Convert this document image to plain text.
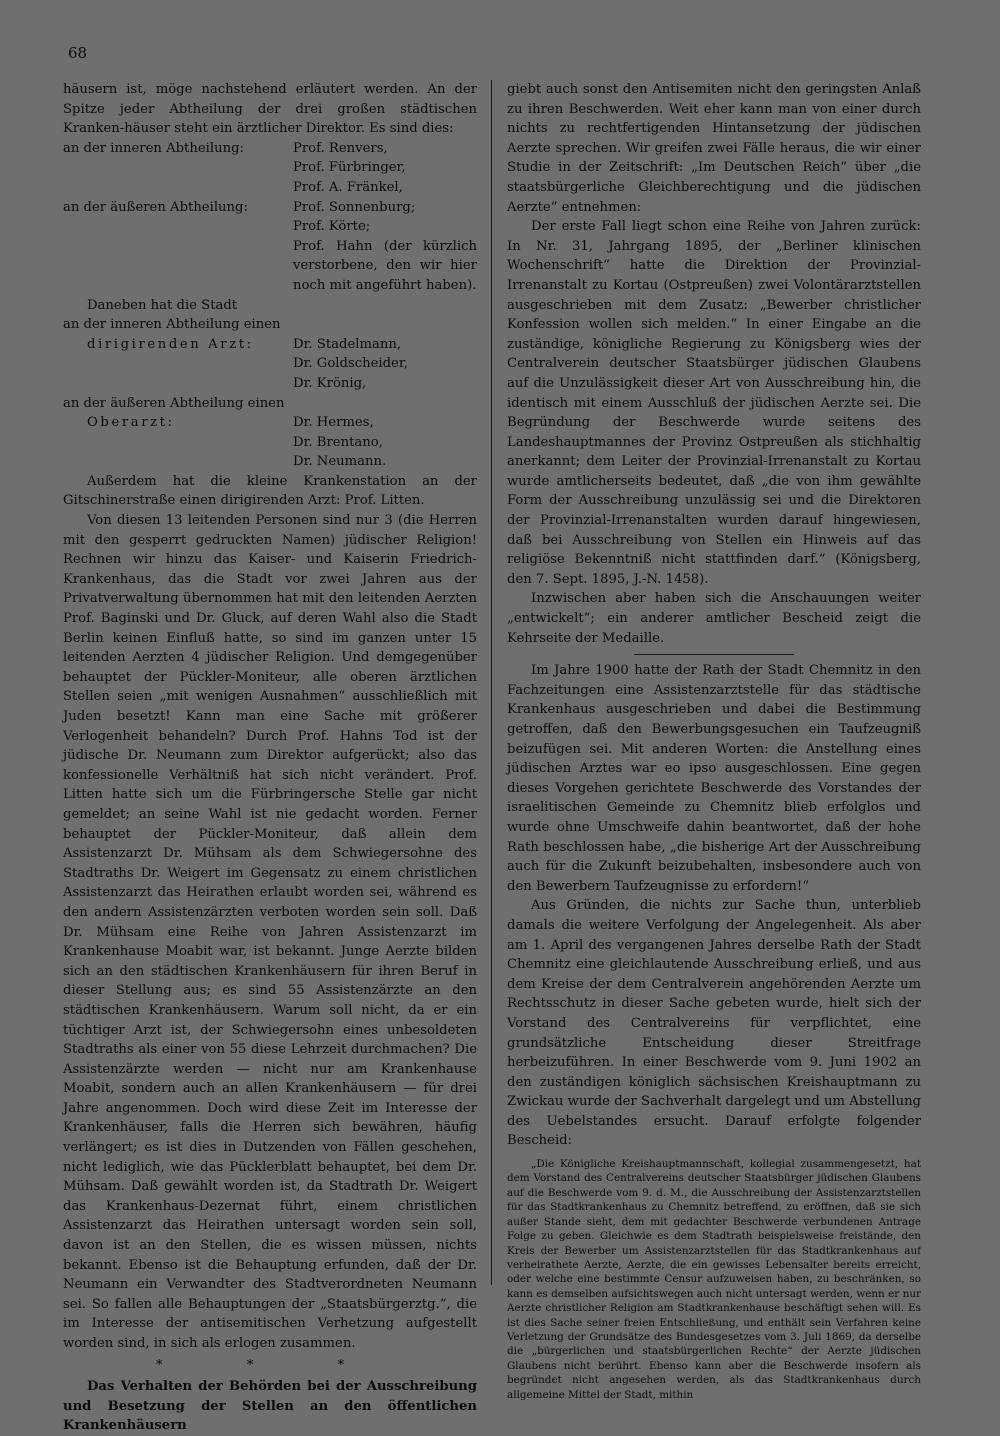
68

häusern ist, möge nachstehend erläutert werden. An der Spitze jeder Abtheilung der drei großen städtischen Kranken-häuser steht ein ärztlicher Direktor. Es sind dies:

an der inneren Abtheilung:	Prof. Renvers,
Prof. Fürbringer,
Prof. A. Fränkel,
an der äußeren Abtheilung:	Prof. Sonnenburg;
Prof. Körte;
Prof. Hahn (der kürzlich verstorbene, den wir hier noch mit angeführt haben).

Daneben hat die Stadt

an der inneren Abtheilung einen
dirigirenden Arzt:	Dr. Stadelmann,
Dr. Goldscheider,
Dr. Krönig,
an der äußeren Abtheilung einen
Oberarzt:	Dr. Hermes,
Dr. Brentano,
Dr. Neumann.

Außerdem hat die kleine Krankenstation an der Gitschinerstraße einen dirigirenden Arzt: Prof. Litten.

Von diesen 13 leitenden Personen sind nur 3 (die Herren mit den gesperrt gedruckten Namen) jüdischer Religion! Rechnen wir hinzu das Kaiser- und Kaiserin Friedrich-Krankenhaus, das die Stadt vor zwei Jahren aus der Privatverwaltung übernommen hat mit den leitenden Aerzten Prof. Baginski und Dr. Gluck, auf deren Wahl also die Stadt Berlin keinen Einfluß hatte, so sind im ganzen unter 15 leitenden Aerzten 4 jüdischer Religion. Und demgegenüber behauptet der Pückler-Moniteur, alle oberen ärztlichen Stellen seien „mit wenigen Ausnahmen“ ausschließlich mit Juden besetzt! Kann man eine Sache mit größerer Verlogenheit behandeln? Durch Prof. Hahns Tod ist der jüdische Dr. Neumann zum Direktor aufgerückt; also das konfessionelle Verhältniß hat sich nicht verändert. Prof. Litten hatte sich um die Fürbringersche Stelle gar nicht gemeldet; an seine Wahl ist nie gedacht worden. Ferner behauptet der Pückler-Moniteur, daß allein dem Assistenzarzt Dr. Mühsam als dem Schwiegersohne des Stadtraths Dr. Weigert im Gegensatz zu einem christlichen Assistenzarzt das Heirathen erlaubt worden sei, während es den andern Assistenzärzten verboten worden sein soll. Daß Dr. Mühsam eine Reihe von Jahren Assistenzarzt im Krankenhause Moabit war, ist bekannt. Junge Aerzte bilden sich an den städtischen Krankenhäusern für ihren Beruf in dieser Stellung aus; es sind 55 Assistenzärzte an den städtischen Krankenhäusern. Warum soll nicht, da er ein tüchtiger Arzt ist, der Schwiegersohn eines unbesoldeten Stadtraths als einer von 55 diese Lehrzeit durchmachen? Die Assistenzärzte werden — nicht nur am Krankenhause Moabit, sondern auch an allen Krankenhäusern — für drei Jahre angenommen. Doch wird diese Zeit im Interesse der Krankenhäuser, falls die Herren sich bewähren, häufig verlängert; es ist dies in Dutzenden von Fällen geschehen, nicht lediglich, wie das Pücklerblatt behauptet, bei dem Dr. Mühsam. Daß gewählt worden ist, da Stadtrath Dr. Weigert das Krankenhaus-Dezernat führt, einem christlichen Assistenzarzt das Heirathen untersagt worden sein soll, davon ist an den Stellen, die es wissen müssen, nichts bekannt. Ebenso ist die Behauptung erfunden, daß der Dr. Neumann ein Verwandter des Stadtverordneten Neumann sei. So fallen alle Behauptungen der „Staatsbürgerztg.“, die im Interesse der antisemitischen Verhetzung aufgestellt worden sind, in sich als erlogen zusammen.

* * *

Das Verhalten der Behörden bei der Ausschreibung und Besetzung der Stellen an den öffentlichen Krankenhäusern

giebt auch sonst den Antisemiten nicht den geringsten Anlaß zu ihren Beschwerden. Weit eher kann man von einer durch nichts zu rechtfertigenden Hintansetzung der jüdischen Aerzte sprechen. Wir greifen zwei Fälle heraus, die wir einer Studie in der Zeitschrift: „Im Deutschen Reich“ über „die staatsbürgerliche Gleichberechtigung und die jüdischen Aerzte“ entnehmen:

Der erste Fall liegt schon eine Reihe von Jahren zurück: In Nr. 31, Jahrgang 1895, der „Berliner klinischen Wochenschrift“ hatte die Direktion der Provinzial-Irrenanstalt zu Kortau (Ostpreußen) zwei Volontärarztstellen ausgeschrieben mit dem Zusatz: „Bewerber christlicher Konfession wollen sich melden.“ In einer Eingabe an die zuständige, königliche Regierung zu Königsberg wies der Centralverein deutscher Staatsbürger jüdischen Glaubens auf die Unzulässigkeit dieser Art von Ausschreibung hin, die identisch mit einem Ausschluß der jüdischen Aerzte sei. Die Begründung der Beschwerde wurde seitens des Landeshauptmannes der Provinz Ostpreußen als stichhaltig anerkannt; dem Leiter der Provinzial-Irrenanstalt zu Kortau wurde amtlicherseits bedeutet, daß „die von ihm gewählte Form der Ausschreibung unzulässig sei und die Direktoren der Provinzial-Irrenanstalten wurden darauf hingewiesen, daß bei Ausschreibung von Stellen ein Hinweis auf das religiöse Bekenntniß nicht stattfinden darf.“ (Königsberg, den 7. Sept. 1895, J.-N. 1458).

Inzwischen aber haben sich die Anschauungen weiter „entwickelt“; ein anderer amtlicher Bescheid zeigt die Kehrseite der Medaille.

Im Jahre 1900 hatte der Rath der Stadt Chemnitz in den Fachzeitungen eine Assistenzarztstelle für das städtische Krankenhaus ausgeschrieben und dabei die Bestimmung getroffen, daß den Bewerbungsgesuchen ein Taufzeugniß beizufügen sei. Mit anderen Worten: die Anstellung eines jüdischen Arztes war eo ipso ausgeschlossen. Eine gegen dieses Vorgehen gerichtete Beschwerde des Vorstandes der israelitischen Gemeinde zu Chemnitz blieb erfolglos und wurde ohne Umschweife dahin beantwortet, daß der hohe Rath beschlossen habe, „die bisherige Art der Ausschreibung auch für die Zukunft beizubehalten, insbesondere auch von den Bewerbern Taufzeugnisse zu erfordern!“

Aus Gründen, die nichts zur Sache thun, unterblieb damals die weitere Verfolgung der Angelegenheit. Als aber am 1. April des vergangenen Jahres derselbe Rath der Stadt Chemnitz eine gleichlautende Ausschreibung erließ, und aus dem Kreise der dem Centralverein angehörenden Aerzte um Rechtsschutz in dieser Sache gebeten wurde, hielt sich der Vorstand des Centralvereins für verpflichtet, eine grundsätzliche Entscheidung dieser Streitfrage herbeizuführen. In einer Beschwerde vom 9. Juni 1902 an den zuständigen königlich sächsischen Kreishauptmann zu Zwickau wurde der Sachverhalt dargelegt und um Abstellung des Uebelstandes ersucht. Darauf erfolgte folgender Bescheid:

„Die Königliche Kreishauptmannschaft, kollegial zusammengesetzt, hat dem Vorstand des Centralvereins deutscher Staatsbürger jüdischen Glaubens auf die Beschwerde vom 9. d. M., die Ausschreibung der Assistenzarztstellen für das Stadtkrankenhaus zu Chemnitz betreffend, zu eröffnen, daß sie sich außer Stande sieht, dem mit gedachter Beschwerde verbundenen Antrage Folge zu geben. Gleichwie es dem Stadtrath beispielsweise freistände, den Kreis der Bewerber um Assistenzarztstellen für das Stadtkrankenhaus auf verheirathete Aerzte, Aerzte, die ein gewisses Lebensalter bereits erreicht, oder welche eine bestimmte Censur aufzuweisen haben, zu beschränken, so kann es demselben aufsichtswegen auch nicht untersagt werden, wenn er nur Aerzte christlicher Religion am Stadtkrankenhause beschäftigt sehen will. Es ist dies Sache seiner freien Entschließung, und enthält sein Verfahren keine Verletzung der Grundsätze des Bundesgesetzes vom 3. Juli 1869, da derselbe die „bürgerlichen und staatsbürgerlichen Rechte“ der Aerzte jüdischen Glaubens nicht berührt. Ebenso kann aber die Beschwerde insofern als begründet nicht angesehen werden, als das Stadtkrankenhaus durch allgemeine Mittel der Stadt, mithin
